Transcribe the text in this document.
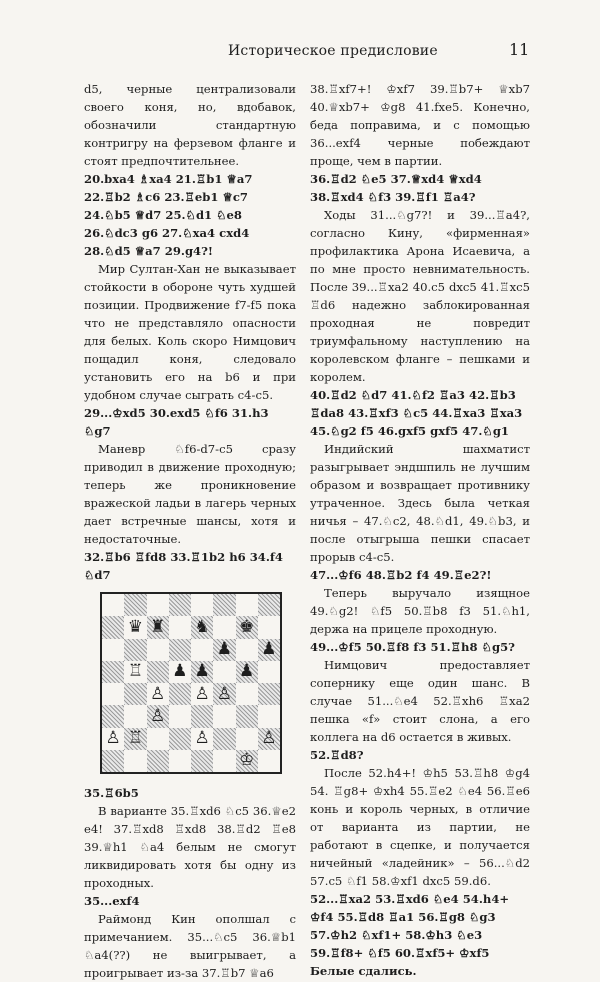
Историческое предисловие	11

d5, черные централизовали своего коня, но, вдобавок, обозначили стандартную контригру на ферзевом фланге и стоят предпочтительнее.

20.bxa4 ♗xa4 21.♖b1 ♕a7 22.♖b2 ♗c6 23.♖eb1 ♕c7 24.♘b5 ♕d7 25.♘d1 ♘e8 26.♘dc3 g6 27.♘xa4 cxd4 28.♘d5 ♕a7 29.g4?!

Мир Султан-Хан не выказывает стойкости в обороне чуть худшей позиции. Продвижение f7-f5 пока что не представляло опасности для белых. Коль скоро Нимцович пощадил коня, следовало установить его на b6 и при удобном случае сыграть c4-c5.

29...♔xd5 30.exd5 ♘f6 31.h3 ♘g7

Маневр ♘f6-d7-c5 сразу приводил в движение проходную; теперь же проникновение вражеской ладьи в лагерь черных дает встречные шансы, хотя и недостаточные.

32.♖b6 ♖fd8 33.♖1b2 h6 34.f4 ♘d7

♛ ♜ ♞ ♚
♟ ♟
♖ ♟ ♟ ♟
♙ ♙ ♙
♙
♙ ♖	♙	♙
♔

35.♖6b5

В варианте 35.♖xd6 ♘c5 36.♕e2 e4! 37.♖xd8 ♖xd8 38.♖d2 ♖e8 39.♕h1 ♘a4 белым не смогут ликвидировать хотя бы одну из проходных.

35...exf4

Раймонд Кин ополшал с примечанием. 35...♘c5 36.♕b1 ♘a4(??) не выигрывает, а проигрывает из-за 37.♖b7 ♕a6

38.♖xf7+! ♔xf7 39.♖b7+ ♕xb7 40.♕xb7+ ♔g8 41.fxe5. Конечно, беда поправима, и с помощью 36...exf4 черные побеждают проще, чем в партии.

36.♖d2 ♘e5 37.♕xd4 ♕xd4 38.♖xd4 ♘f3 39.♖f1 ♖a4?

Ходы 31...♘g7?! и 39...♖a4?, согласно Кину, «фирменная» профилактика Арона Исаевича, а по мне просто невнимательность. После 39...♖xa2 40.c5 dxc5 41.♖xc5 ♖d6 надежно заблокированная проходная не повредит триумфальному наступлению на королевском фланге – пешками и королем.

40.♖d2 ♘d7 41.♘f2 ♖a3 42.♖b3 ♖da8 43.♖xf3 ♘c5 44.♖xa3 ♖xa3 45.♘g2 f5 46.gxf5 gxf5 47.♘g1

Индийский шахматист разыгрывает эндшпиль не лучшим образом и возвращает противнику утраченное. Здесь была четкая ничья – 47.♘c2, 48.♘d1, 49.♘b3, и после отыгрыша пешки спасает прорыв c4-c5.

47...♔f6 48.♖b2 f4 49.♖e2?!

Теперь выручало изящное 49.♘g2! ♘f5 50.♖b8 f3 51.♘h1, держа на прицеле проходную.

49...♔f5 50.♖f8 f3 51.♖h8 ♘g5?

Нимцович предоставляет сопернику еще один шанс. В случае 51...♘e4 52.♖xh6 ♖xa2 пешка «f» стоит слона, а его коллега на d6 остается в живых.

52.♖d8?

После 52.h4+! ♔h5 53.♖h8 ♔g4 54. ♖g8+ ♔xh4 55.♖e2 ♘e4 56.♖e6 конь и король черных, в отличие от варианта из партии, не работают в сцепке, и получается ничейный «ладейник» – 56...♘d2 57.c5 ♘f1 58.♔xf1 dxc5 59.d6.

52...♖xa2 53.♖xd6 ♘e4 54.h4+ ♔f4 55.♖d8 ♖a1 56.♖g8 ♘g3 57.♔h2 ♘xf1+ 58.♔h3 ♘e3 59.♖f8+ ♘f5 60.♖xf5+ ♔xf5

Белые сдались.
